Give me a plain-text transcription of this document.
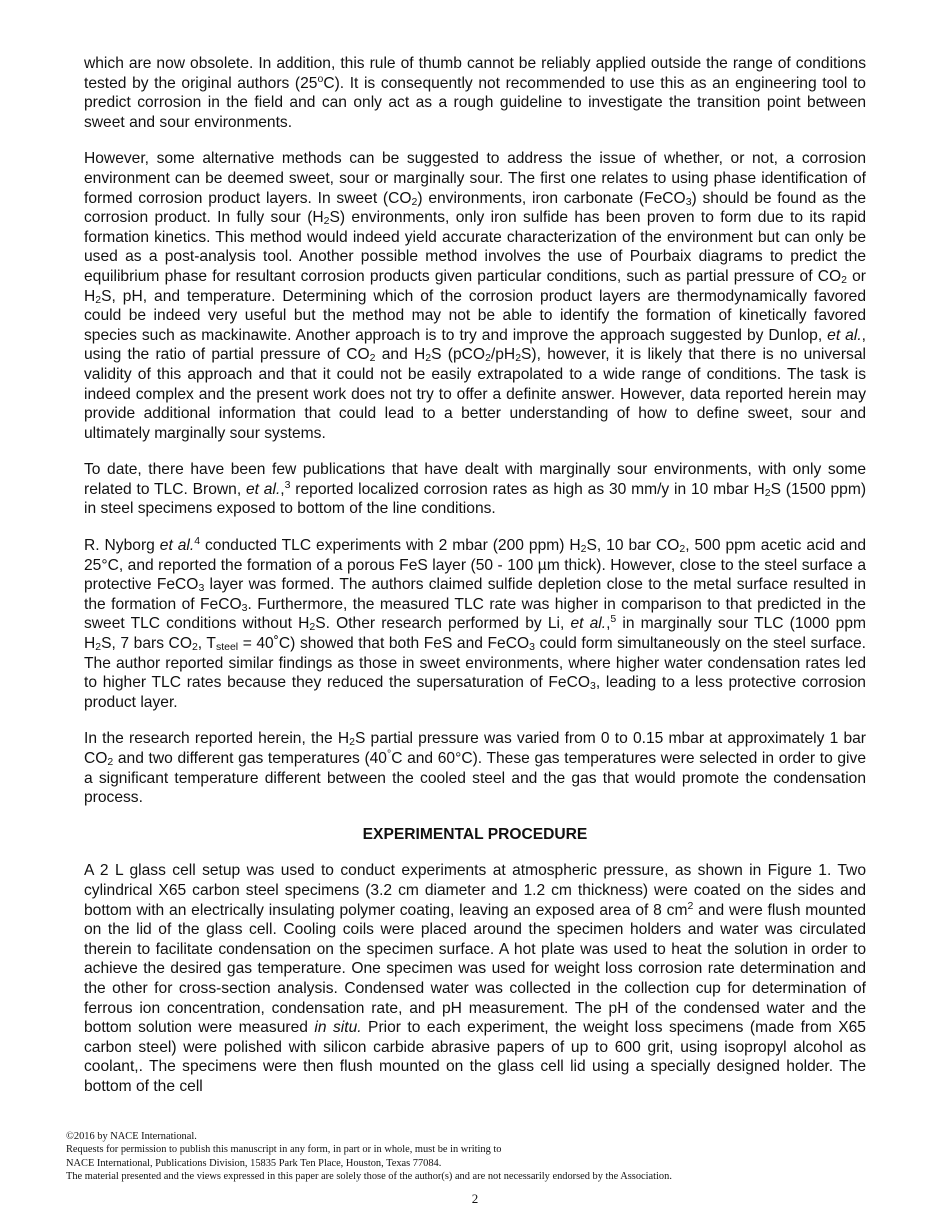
which are now obsolete. In addition, this rule of thumb cannot be reliably applied outside the range of conditions tested by the original authors (25$^o$C). It is consequently not recommended to use this as an engineering tool to predict corrosion in the field and can only act as a rough guideline to investigate the transition point between sweet and sour environments.

However, some alternative methods can be suggested to address the issue of whether, or not, a corrosion environment can be deemed sweet, sour or marginally sour. The first one relates to using phase identification of formed corrosion product layers. In sweet $(CO_2)$ environments, iron carbonate (FeCO$_3$) should be found as the corrosion product. In fully sour $(H_2S)$ environments, only iron sulfide has been proven to form due to its rapid formation kinetics. This method would indeed yield accurate characterization of the environment but can only be used as a post-analysis tool. Another possible method involves the use of Pourbaix diagrams to predict the equilibrium phase for resultant corrosion products given particular conditions, such as partial pressure of $CO_2$ or $H_2S$, pH, and temperature. Determining which of the corrosion product layers are thermodynamically favored could be indeed very useful but the method may not be able to identify the formation of kinetically favored species such as mackinawite. Another approach is to try and improve the approach suggested by Dunlop, et al., using the ratio of partial pressure of $CO_2$ and $H_2S$ $(pCO_2/pH_2S)$, however, it is likely that there is no universal validity of this approach and that it could not be easily extrapolated to a wide range of conditions. The task is indeed complex and the present work does not try to offer a definite answer. However, data reported herein may provide additional information that could lead to a better understanding of how to define sweet, sour and ultimately marginally sour systems.

To date, there have been few publications that have dealt with marginally sour environments, with only some related to TLC. Brown, et al.,$^3$ reported localized corrosion rates as high as 30 mm/y in 10 mbar $H_2S$ (1500 ppm) in steel specimens exposed to bottom of the line conditions.

R. Nyborg et al.$^4$ conducted TLC experiments with 2 mbar (200 ppm) $H_2S$, 10 bar $CO_2$, 500 ppm acetic acid and 25°C, and reported the formation of a porous FeS layer (50 - 100 µm thick). However, close to the steel surface a protective FeCO$_3$ layer was formed. The authors claimed sulfide depletion close to the metal surface resulted in the formation of FeCO$_3$. Furthermore, the measured TLC rate was higher in comparison to that predicted in the sweet TLC conditions without $H_2S$. Other research performed by Li, et al.,$^5$ in marginally sour TLC (1000 ppm $H_2S$, 7 bars $CO_2$, $T_{steel}$ = 40˚C) showed that both FeS and FeCO$_3$ could form simultaneously on the steel surface. The author reported similar findings as those in sweet environments, where higher water condensation rates led to higher TLC rates because they reduced the supersaturation of FeCO$_3$, leading to a less protective corrosion product layer.

In the research reported herein, the $H_2S$ partial pressure was varied from 0 to 0.15 mbar at approximately 1 bar $CO_2$ and two different gas temperatures (40°C and 60°C). These gas temperatures were selected in order to give a significant temperature different between the cooled steel and the gas that would promote the condensation process.

EXPERIMENTAL PROCEDURE

A 2 L glass cell setup was used to conduct experiments at atmospheric pressure, as shown in Figure 1. Two cylindrical X65 carbon steel specimens (3.2 cm diameter and 1.2 cm thickness) were coated on the sides and bottom with an electrically insulating polymer coating, leaving an exposed area of 8 $cm^2$ and were flush mounted on the lid of the glass cell. Cooling coils were placed around the specimen holders and water was circulated therein to facilitate condensation on the specimen surface. A hot plate was used to heat the solution in order to achieve the desired gas temperature. One specimen was used for weight loss corrosion rate determination and the other for cross-section analysis. Condensed water was collected in the collection cup for determination of ferrous ion concentration, condensation rate, and pH measurement. The pH of the condensed water and the bottom solution were measured in situ. Prior to each experiment, the weight loss specimens (made from X65 carbon steel) were polished with silicon carbide abrasive papers of up to 600 grit, using isopropyl alcohol as coolant,. The specimens were then flush mounted on the glass cell lid using a specially designed holder. The bottom of the cell

©2016 by NACE International.
Requests for permission to publish this manuscript in any form, in part or in whole, must be in writing to
NACE International, Publications Division, 15835 Park Ten Place, Houston, Texas 77084.
The material presented and the views expressed in this paper are solely those of the author(s) and are not necessarily endorsed by the Association.
2
